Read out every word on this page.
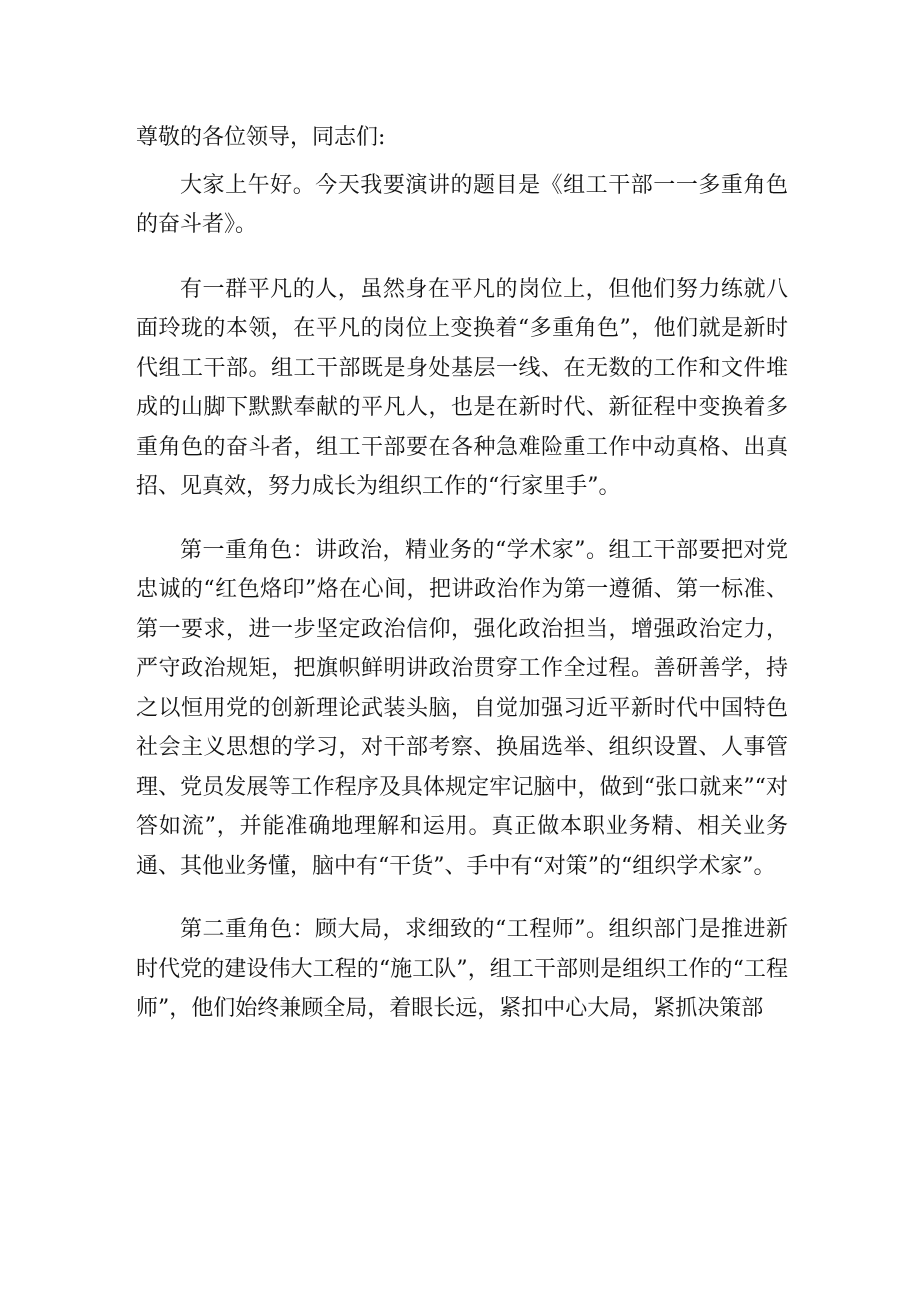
尊敬的各位领导，同志们:

大家上午好。今天我要演讲的题目是《组工干部一一多重角色的奋斗者》。

有一群平凡的人，虽然身在平凡的岗位上，但他们努力练就八面玲珑的本领，在平凡的岗位上变换着“多重角色”，他们就是新时代组工干部。组工干部既是身处基层一线、在无数的工作和文件堆成的山脚下默默奉献的平凡人，也是在新时代、新征程中变换着多重角色的奋斗者，组工干部要在各种急难险重工作中动真格、出真招、见真效，努力成长为组织工作的“行家里手”。

第一重角色：讲政治，精业务的“学术家”。组工干部要把对党忠诚的“红色烙印”烙在心间，把讲政治作为第一遵循、第一标准、第一要求，进一步坚定政治信仰，强化政治担当，增强政治定力，严守政治规矩，把旗帜鲜明讲政治贯穿工作全过程。善研善学，持之以恒用党的创新理论武装头脑，自觉加强习近平新时代中国特色社会主义思想的学习，对干部考察、换届选举、组织设置、人事管理、党员发展等工作程序及具体规定牢记脑中，做到“张口就来”“对答如流”，并能准确地理解和运用。真正做本职业务精、相关业务通、其他业务懂，脑中有“干货”、手中有“对策”的“组织学术家”。

第二重角色：顾大局，求细致的“工程师”。组织部门是推进新时代党的建设伟大工程的“施工队”，组工干部则是组织工作的“工程师”，他们始终兼顾全局，着眼长远，紧扣中心大局，紧抓决策部
